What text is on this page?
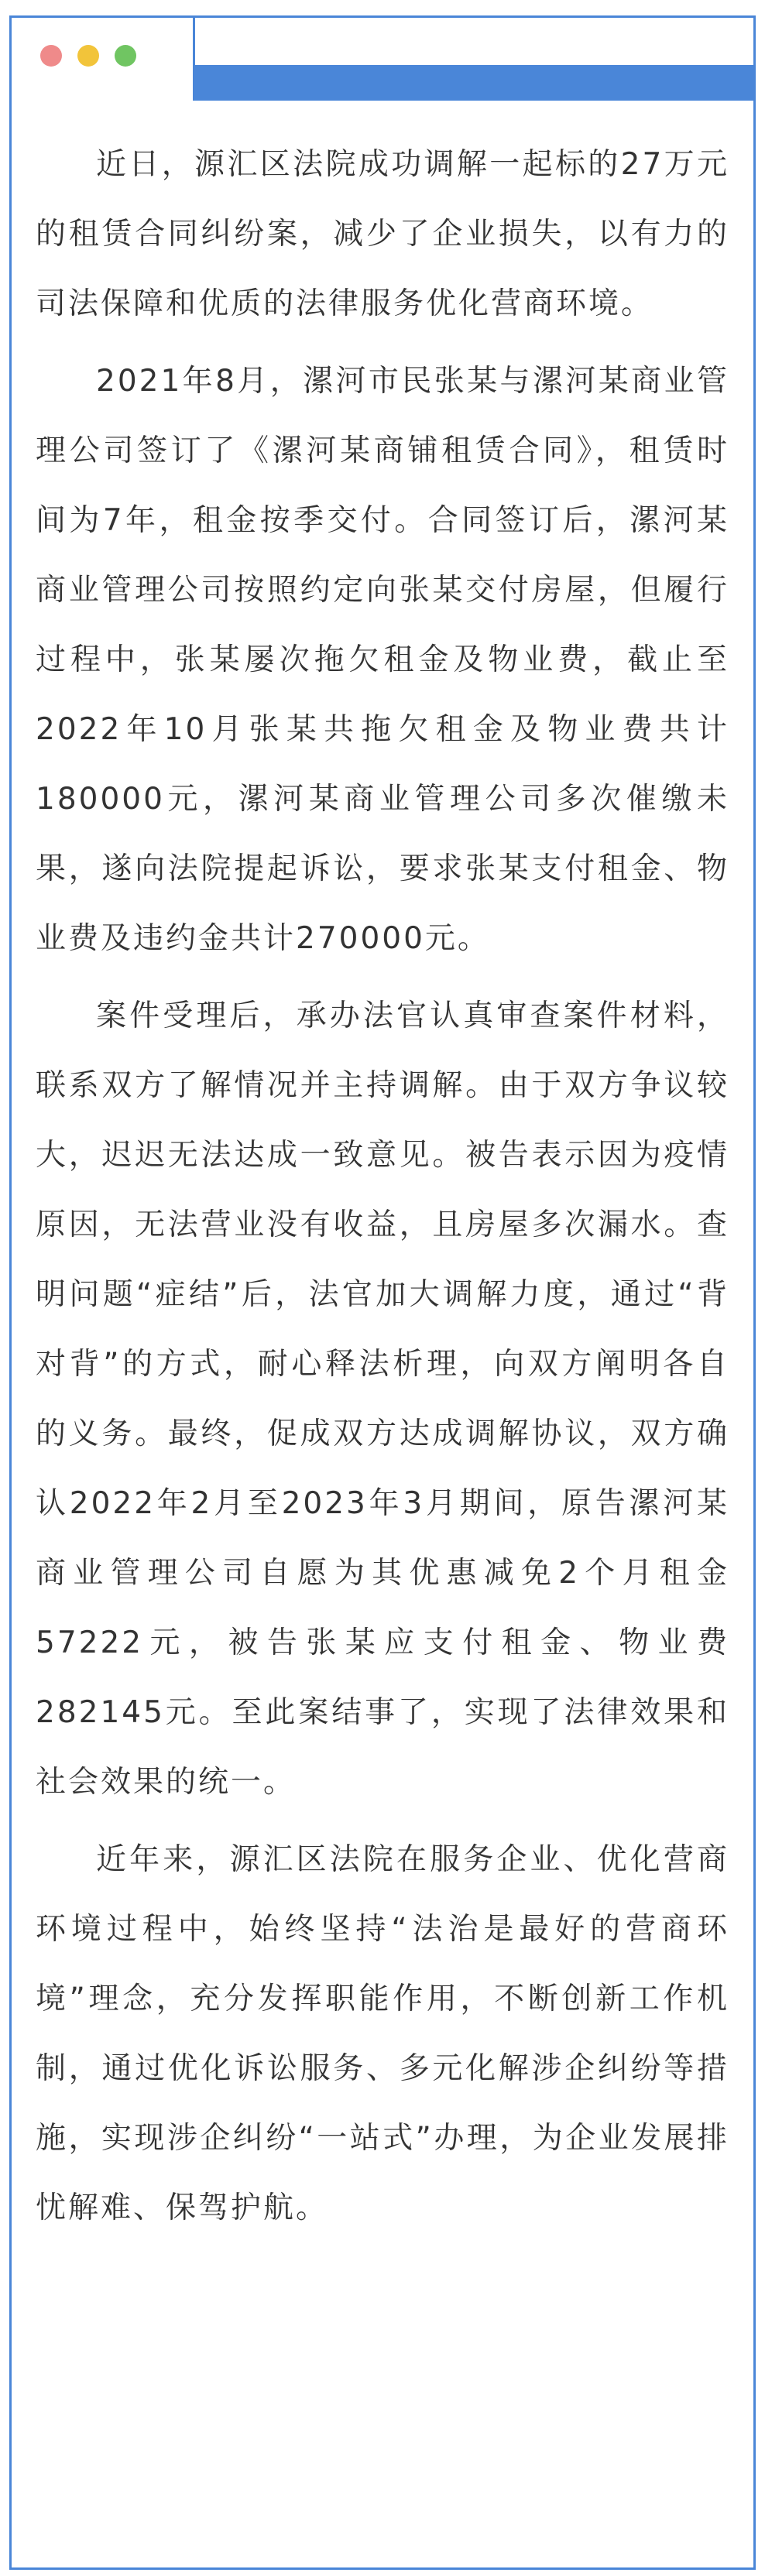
近日，源汇区法院成功调解一起标的27万元的租赁合同纠纷案，减少了企业损失，以有力的司法保障和优质的法律服务优化营商环境。

2021年8月，漯河市民张某与漯河某商业管理公司签订了《漯河某商铺租赁合同》，租赁时间为7年，租金按季交付。合同签订后，漯河某商业管理公司按照约定向张某交付房屋，但履行过程中，张某屡次拖欠租金及物业费，截止至2022年10月张某共拖欠租金及物业费共计180000元，漯河某商业管理公司多次催缴未果，遂向法院提起诉讼，要求张某支付租金、物业费及违约金共计270000元。

案件受理后，承办法官认真审查案件材料，联系双方了解情况并主持调解。由于双方争议较大，迟迟无法达成一致意见。被告表示因为疫情原因，无法营业没有收益，且房屋多次漏水。查明问题“症结”后，法官加大调解力度，通过“背对背”的方式，耐心释法析理，向双方阐明各自的义务。最终，促成双方达成调解协议，双方确认2022年2月至2023年3月期间，原告漯河某商业管理公司自愿为其优惠减免2个月租金57222元，被告张某应支付租金、物业费282145元。至此案结事了，实现了法律效果和社会效果的统一。

近年来，源汇区法院在服务企业、优化营商环境过程中，始终坚持“法治是最好的营商环境”理念，充分发挥职能作用，不断创新工作机制，通过优化诉讼服务、多元化解涉企纠纷等措施，实现涉企纠纷“一站式”办理，为企业发展排忧解难、保驾护航。
